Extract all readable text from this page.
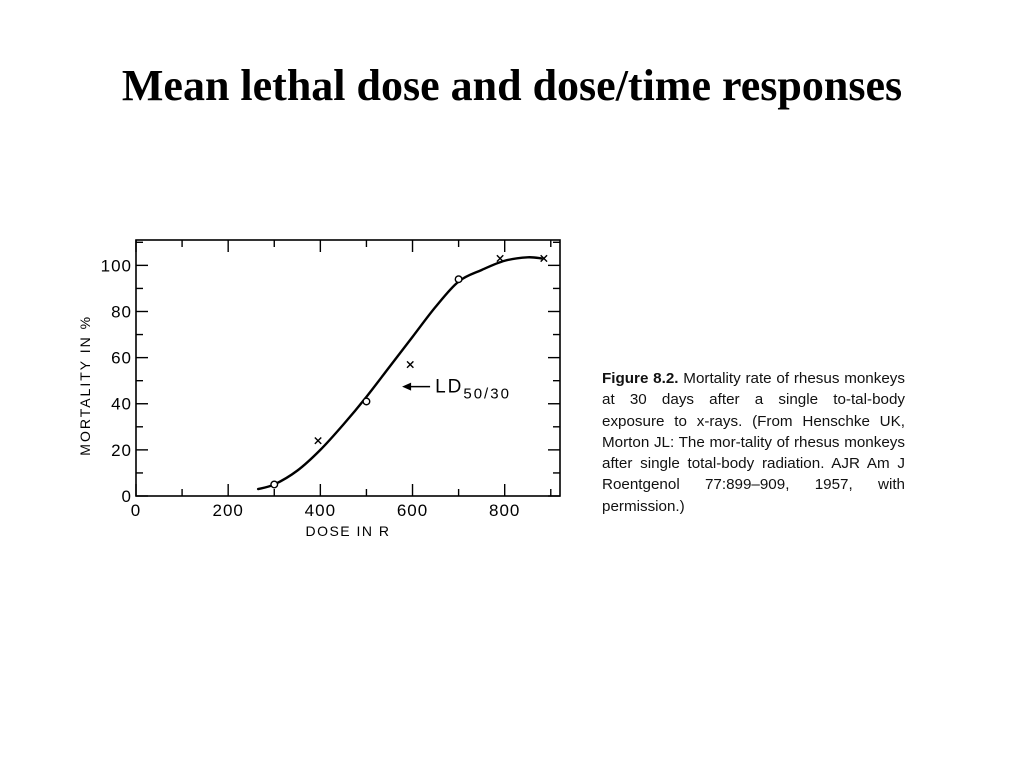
Mean lethal dose and dose/time responses
0	200	400	600	800
0
20
40
60
80
100
$LD_{50/30}$
DOSE IN R
MORTALITY IN %	Figure 8.2. Mortality rate of rhesus monkeys at 30 days after a single to-tal-body exposure to x-rays. (From Henschke UK, Morton JL: The mor-tality of rhesus monkeys after single total-body radiation. AJR Am J Roentgenol 77:899–909, 1957, with permission.)
